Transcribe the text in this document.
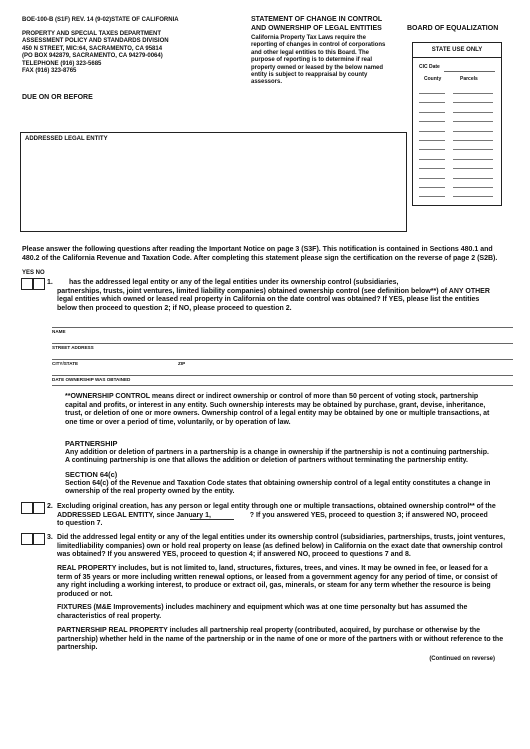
BOE-100-B (S1F) REV. 14 (9-02)STATE OF CALIFORNIA
PROPERTY AND SPECIAL TAXES DEPARTMENT
ASSESSMENT POLICY AND STANDARDS DIVISION
450 N STREET, MIC:64, SACRAMENTO, CA 95814
(PO BOX 942879, SACRAMENTO, CA 94279-0064)
TELEPHONE (916) 323-5685
FAX (916) 323-8765
DUE ON OR BEFORE
STATEMENT OF CHANGE IN CONTROL
AND OWNERSHIP OF LEGAL ENTITIES
California Property Tax Laws require the
reporting of changes in control of corporations
and other legal entities to this Board. The
purpose of reporting is to determine if real
property owned or leased by the below named
entity is subject to reappraisal by county
assessors.
BOARD OF EQUALIZATION
STATE USE ONLY
CIC Date
County	Parcels
ADDRESSED LEGAL ENTITY
Please answer the following questions after reading the Important Notice on page 3 (S3F). This notification is contained in Sections 480.1 and
480.2 of the California Revenue and Taxation Code. After completing this statement please sign the certification on the reverse of page 2 (S2B).
YES NO
1. has the addressed legal entity or any of the legal entities under its ownership control (subsidiaries,
partnerships, trusts, joint ventures, limited liability companies) obtained ownership control (see definition below**) of ANY OTHER
legal entities which owned or leased real property in California on the date control was obtained? If YES, please list the entities
below then proceed to question 2; if NO, please proceed to question 2.
NAME
STREET ADDRESS
CITY/STATE	ZIP
DATE OWNERSHIP WAS OBTAINED
**OWNERSHIP CONTROL means direct or indirect ownership or control of more than 50 percent of voting stock, partnership
capital and profits, or interest in any entity. Such ownership interests may be obtained by purchase, grant, devise, inheritance,
trust, or deletion of one or more owners. Ownership control of a legal entity may be obtained by one or multiple transactions, at
one time or over a period of time, voluntarily, or by operation of law.
PARTNERSHIP
Any addition or deletion of partners in a partnership is a change in ownership if the partnership is not a continuing partnership.
A continuing partnership is one that allows the addition or deletion of partners without terminating the partnership entity.
SECTION 64(c)
Section 64(c) of the Revenue and Taxation Code states that obtaining ownership control of a legal entity constitutes a change in
ownership of the real property owned by the entity.
2. Excluding original creation, has any person or legal entity through one or multiple transactions, obtained ownership control** of the
ADDRESSED LEGAL ENTITY, since January 1,                    ? If you answered YES, proceed to question 3; if answered NO, proceed
to question 7.
3. Did the addressed legal entity or any of the legal entities under its ownership control (subsidiaries, partnerships, trusts, joint ventures,
limitedliability companies) own or hold real property on lease (as defined below) in California on the exact date that ownership control
was obtained? If you answered YES, proceed to question 4; if answered NO, proceed to questions 7 and 8.
REAL PROPERTY includes, but is not limited to, land, structures, fixtures, trees, and vines. It may be owned in fee, or leased for a
term of 35 years or more including written renewal options, or leased from a government agency for any period of time, or consist of
any right including a working interest, to produce or extract oil, gas, minerals, or steam for any term whether the resource is being
produced or not.
FIXTURES (M&E Improvements) includes machinery and equipment which was at one time personalty but has assumed the
characteristics of real property.
PARTNERSHIP REAL PROPERTY includes all partnership real property (contributed, acquired, by purchase or otherwise by the
partnership) whether held in the name of the partnership or in the name of one or more of the partners with or without reference to the
partnership.
(Continued on reverse)
